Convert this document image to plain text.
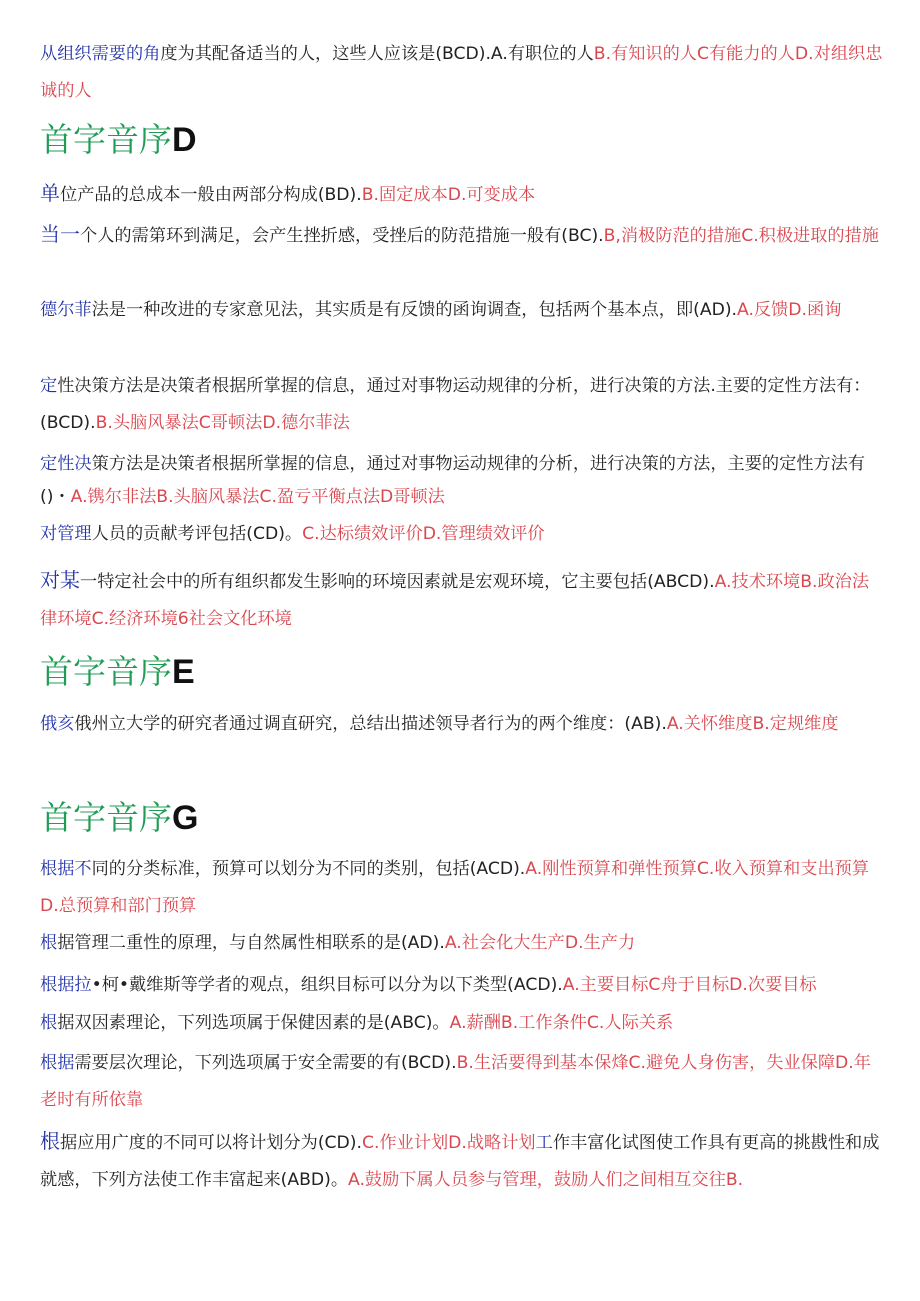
从组织需要的角度为其配备适当的人，这些人应该是(BCD).A.有职位的人B.有知识的人C有能力的人D.对组织忠诚的人

首字音序D

单位产品的总成本一般由两部分构成(BD).B.固定成本D.可变成本

当一个人的需第环到满足，会产生挫折感，受挫后的防范措施一般有(BC).B,消极防范的措施C.积极进取的措施

德尔菲法是一种改进的专家意见法，其实质是有反馈的函询调查，包括两个基本点，即(AD).A.反馈D.函询

定性决策方法是决策者根据所掌握的信息，通过对事物运动规律的分析，进行决策的方法.主要的定性方法有：(BCD).B.头脑风暴法C哥顿法D.德尔菲法

定性决策方法是决策者根据所掌握的信息，通过对事物运动规律的分析，进行决策的方法，主要的定性方法有()・A.镌尔非法B.头脑风暴法C.盈亏平衡点法D哥顿法

对管理人员的贡献考评包括(CD)。C.达标绩效评价D.管理绩效评价

对某一特定社会中的所有组织都发生影响的环境因素就是宏观环境，它主要包括(ABCD).A.技术环境B.政治法律环境C.经济环境6社会文化环境

首字音序E

俄亥俄州立大学的研究者通过调直研究，总结出描述领导者行为的两个维度：(AB).A.关怀维度B.定规维度

首字音序G

根据不同的分类标准，预算可以划分为不同的类别，包括(ACD).A.刚性预算和弹性预算C.收入预算和支出预算D.总预算和部门预算

根据管理二重性的原理，与自然属性相联系的是(AD).A.社会化大生产D.生产力

根据拉•柯•戴维斯等学者的观点，组织目标可以分为以下类型(ACD).A.主要目标C舟于目标D.次要目标

根据双因素理论，下列选项属于保健因素的是(ABC)。A.薪酬B.工作条件C.人际关系

根据需要层次理论，下列选项属于安全需要的有(BCD).B.生活要得到基本保烽C.避免人身伤害，失业保障D.年老时有所依靠

根据应用广度的不同可以将计划分为(CD).C.作业计划D.战略计划工作丰富化试图使工作具有更高的挑戡性和成就感，下列方法使工作丰富起来(ABD)。A.鼓励下属人员参与管理，鼓励人们之间相互交往B.
